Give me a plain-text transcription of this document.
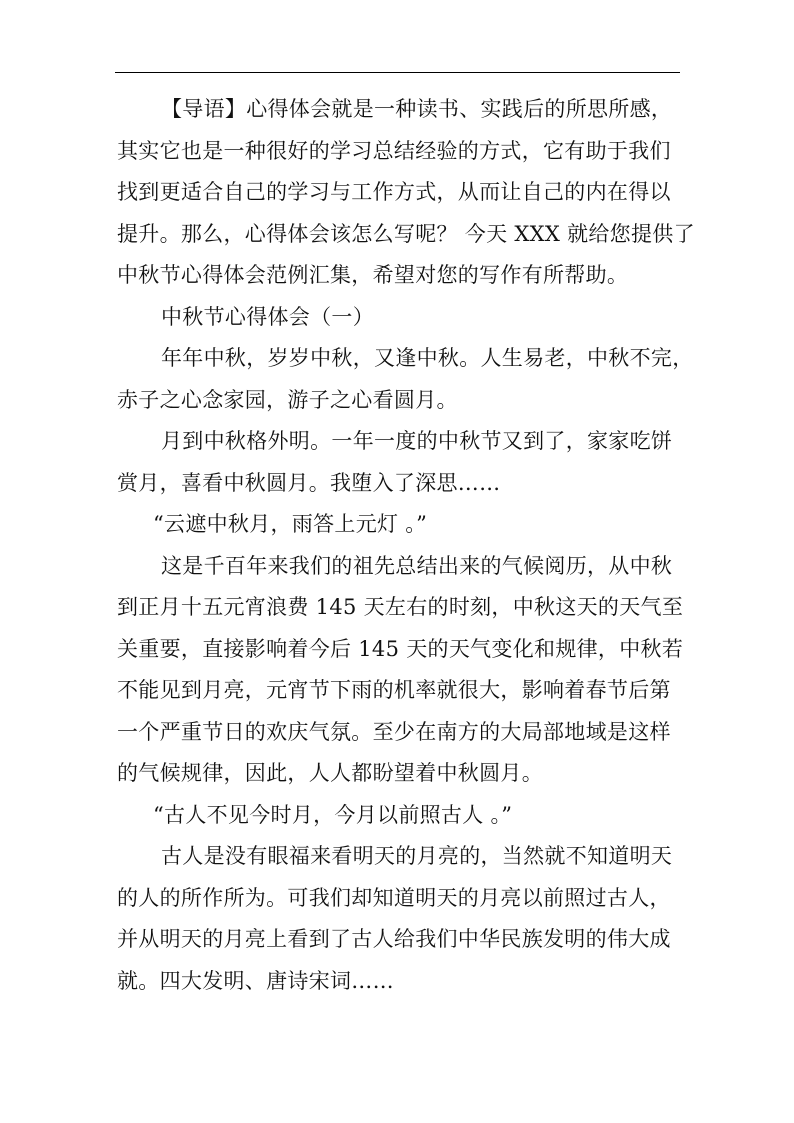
【导语】心得体会就是一种读书、实践后的所思所感，
其实它也是一种很好的学习总结经验的方式，它有助于我们
找到更适合自己的学习与工作方式，从而让自己的内在得以
提升。那么，心得体会该怎么写呢？ 今天 XXX 就给您提供了
中秋节心得体会范例汇集，希望对您的写作有所帮助。
中秋节心得体会（一）
年年中秋，岁岁中秋，又逢中秋。人生易老，中秋不完，
赤子之心念家园，游子之心看圆月。
月到中秋格外明。一年一度的中秋节又到了，家家吃饼
赏月，喜看中秋圆月。我堕入了深思……
“云遮中秋月，雨答上元灯 。”
这是千百年来我们的祖先总结出来的气候阅历，从中秋
到正月十五元宵浪费 145 天左右的时刻，中秋这天的天气至
关重要，直接影响着今后 145 天的天气变化和规律，中秋若
不能见到月亮，元宵节下雨的机率就很大，影响着春节后第
一个严重节日的欢庆气氛。至少在南方的大局部地域是这样
的气候规律，因此，人人都盼望着中秋圆月。
“古人不见今时月，今月以前照古人 。”
古人是没有眼福来看明天的月亮的，当然就不知道明天
的人的所作所为。可我们却知道明天的月亮以前照过古人，
并从明天的月亮上看到了古人给我们中华民族发明的伟大成
就。四大发明、唐诗宋词……
